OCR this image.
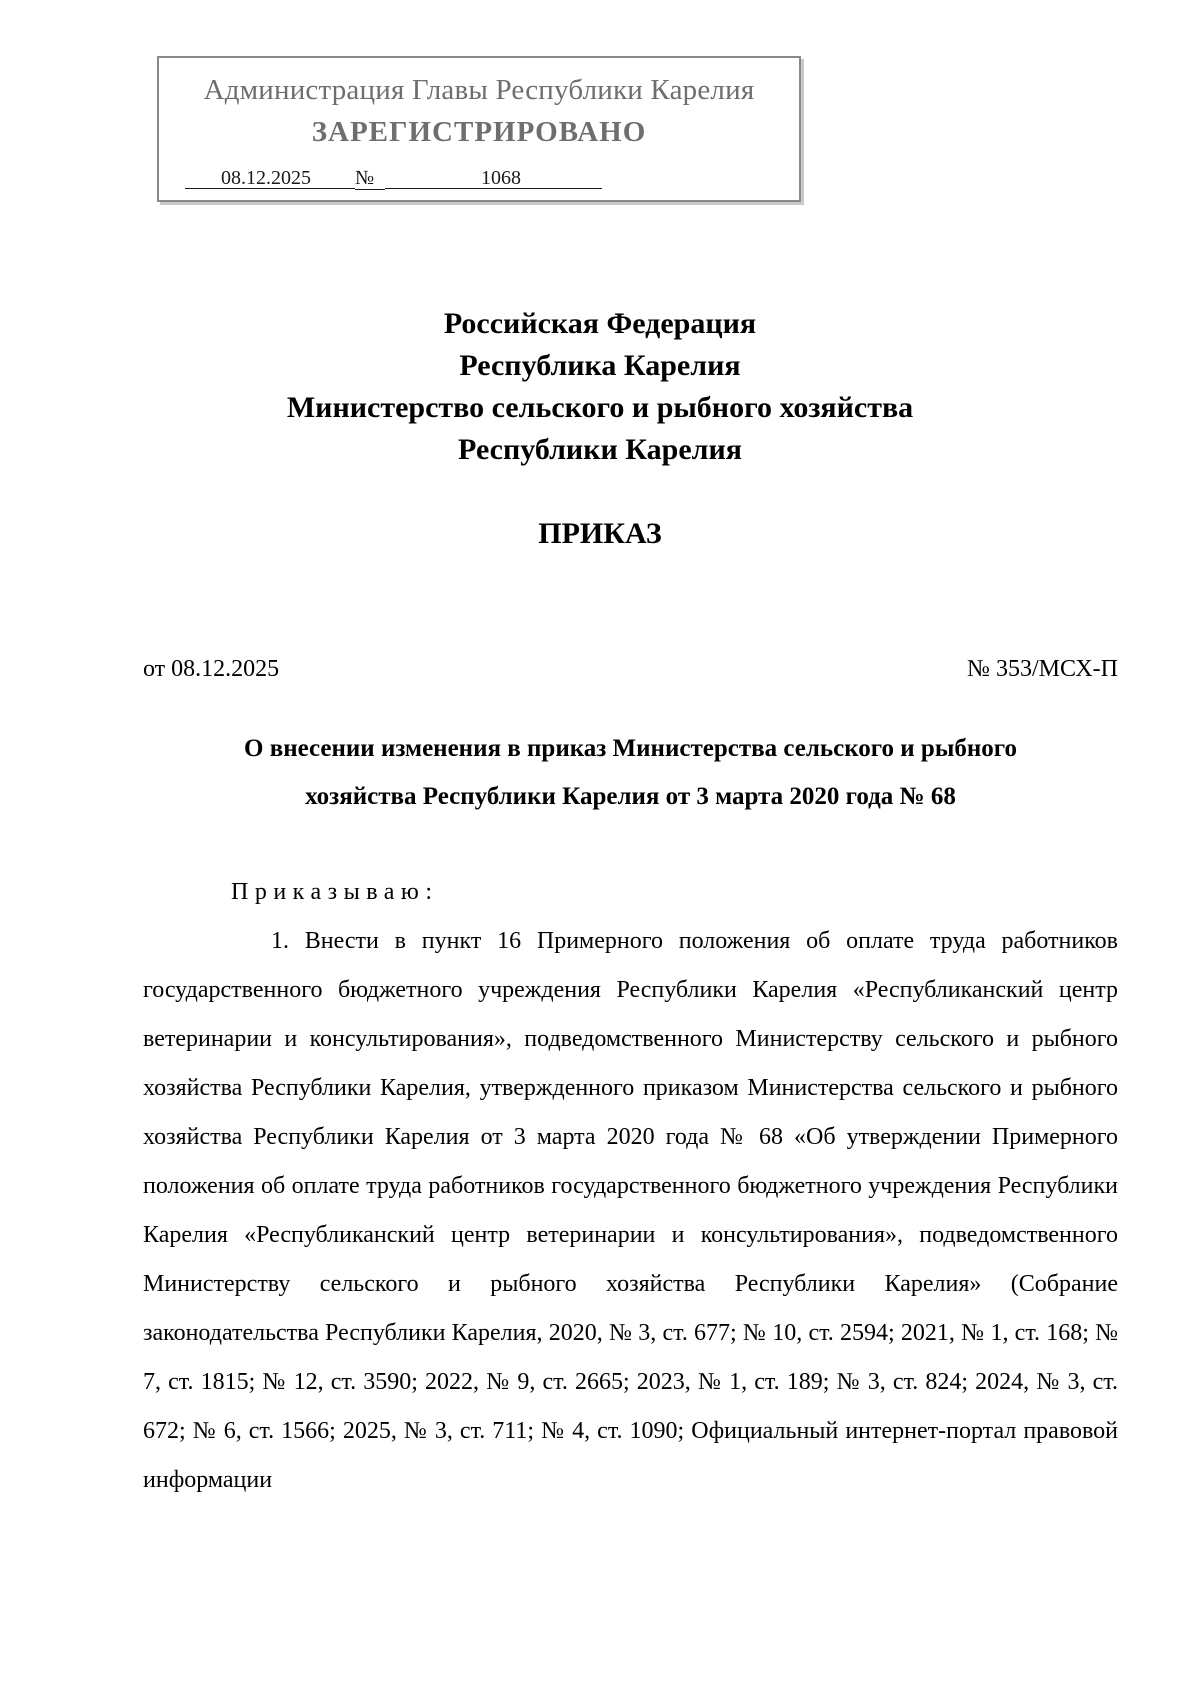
Администрация Главы Республики Карелия
ЗАРЕГИСТРИРОВАНО
08.12.2025 №	1068
Российская Федерация
Республика Карелия
Министерство сельского и рыбного хозяйства
Республики Карелия
ПРИКАЗ
от 08.12.2025	№ 353/МСХ-П
О внесении изменения в приказ Министерства сельского и рыбного
хозяйства Республики Карелия от 3 марта 2020 года № 68
Приказываю:

1. Внести в пункт 16 Примерного положения об оплате труда работников государственного бюджетного учреждения Республики Карелия «Республиканский центр ветеринарии и консультирования», подведомственного Министерству сельского и рыбного хозяйства Республики Карелия, утвержденного приказом Министерства сельского и рыбного хозяйства Республики Карелия от 3 марта 2020 года № 68 «Об утверждении Примерного положения об оплате труда работников государственного бюджетного учреждения Республики Карелия «Республиканский центр ветеринарии и консультирования», подведомственного Министерству сельского и рыбного хозяйства Республики Карелия» (Собрание законодательства Республики Карелия, 2020, № 3, ст. 677; № 10, ст. 2594; 2021, № 1, ст. 168; № 7, ст. 1815; № 12, ст. 3590; 2022, № 9, ст. 2665; 2023, № 1, ст. 189; № 3, ст. 824; 2024, № 3, ст. 672; № 6, ст. 1566; 2025, № 3, ст. 711; № 4, ст. 1090; Официальный интернет-портал правовой информации
